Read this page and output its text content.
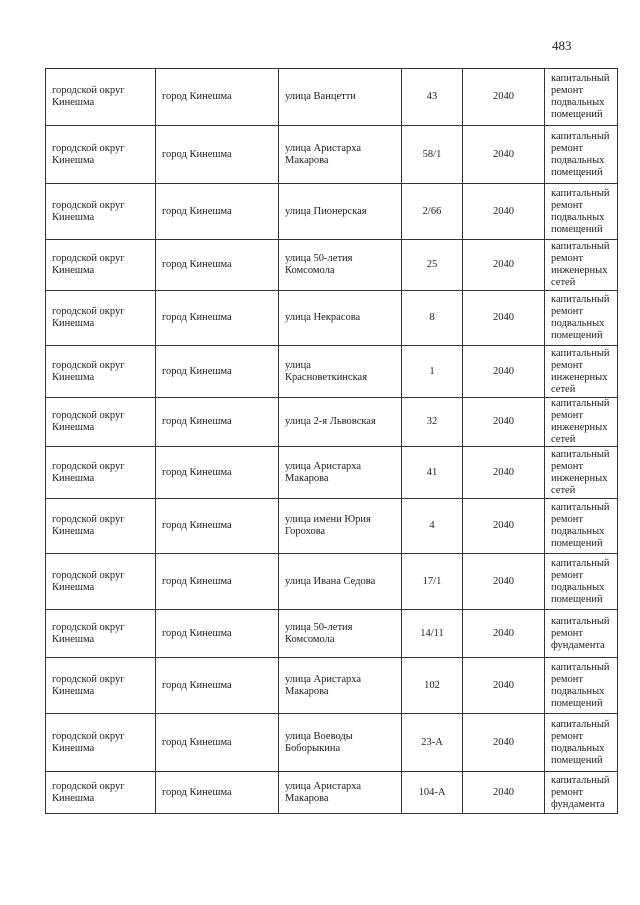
483
городской округ Кинешма	город Кинешма	улица Ванцетти	43	2040	капитальный ремонт подвальных помещений
городской округ Кинешма	город Кинешма	улица Аристарха Макарова	58/1	2040	капитальный ремонт подвальных помещений
городской округ Кинешма	город Кинешма	улица Пионерская	2/66	2040	капитальный ремонт подвальных помещений
городской округ Кинешма	город Кинешма	улица 50-летия Комсомола	25	2040	капитальный ремонт инженерных сетей
городской округ Кинешма	город Кинешма	улица Некрасова	8	2040	капитальный ремонт подвальных помещений
городской округ Кинешма	город Кинешма	улица Красноветкинская	1	2040	капитальный ремонт инженерных сетей
городской округ Кинешма	город Кинешма	улица 2-я Львовская	32	2040	капитальный ремонт инженерных сетей
городской округ Кинешма	город Кинешма	улица Аристарха Макарова	41	2040	капитальный ремонт инженерных сетей
городской округ Кинешма	город Кинешма	улица имени Юрия Горохова	4	2040	капитальный ремонт подвальных помещений
городской округ Кинешма	город Кинешма	улица Ивана Седова	17/1	2040	капитальный ремонт подвальных помещений
городской округ Кинешма	город Кинешма	улица 50-летия Комсомола	14/11	2040	капитальный ремонт фундамента
городской округ Кинешма	город Кинешма	улица Аристарха Макарова	102	2040	капитальный ремонт подвальных помещений
городской округ Кинешма	город Кинешма	улица Воеводы Боборыкина	23-А	2040	капитальный ремонт подвальных помещений
городской округ Кинешма	город Кинешма	улица Аристарха Макарова	104-А	2040	капитальный ремонт фундамента
